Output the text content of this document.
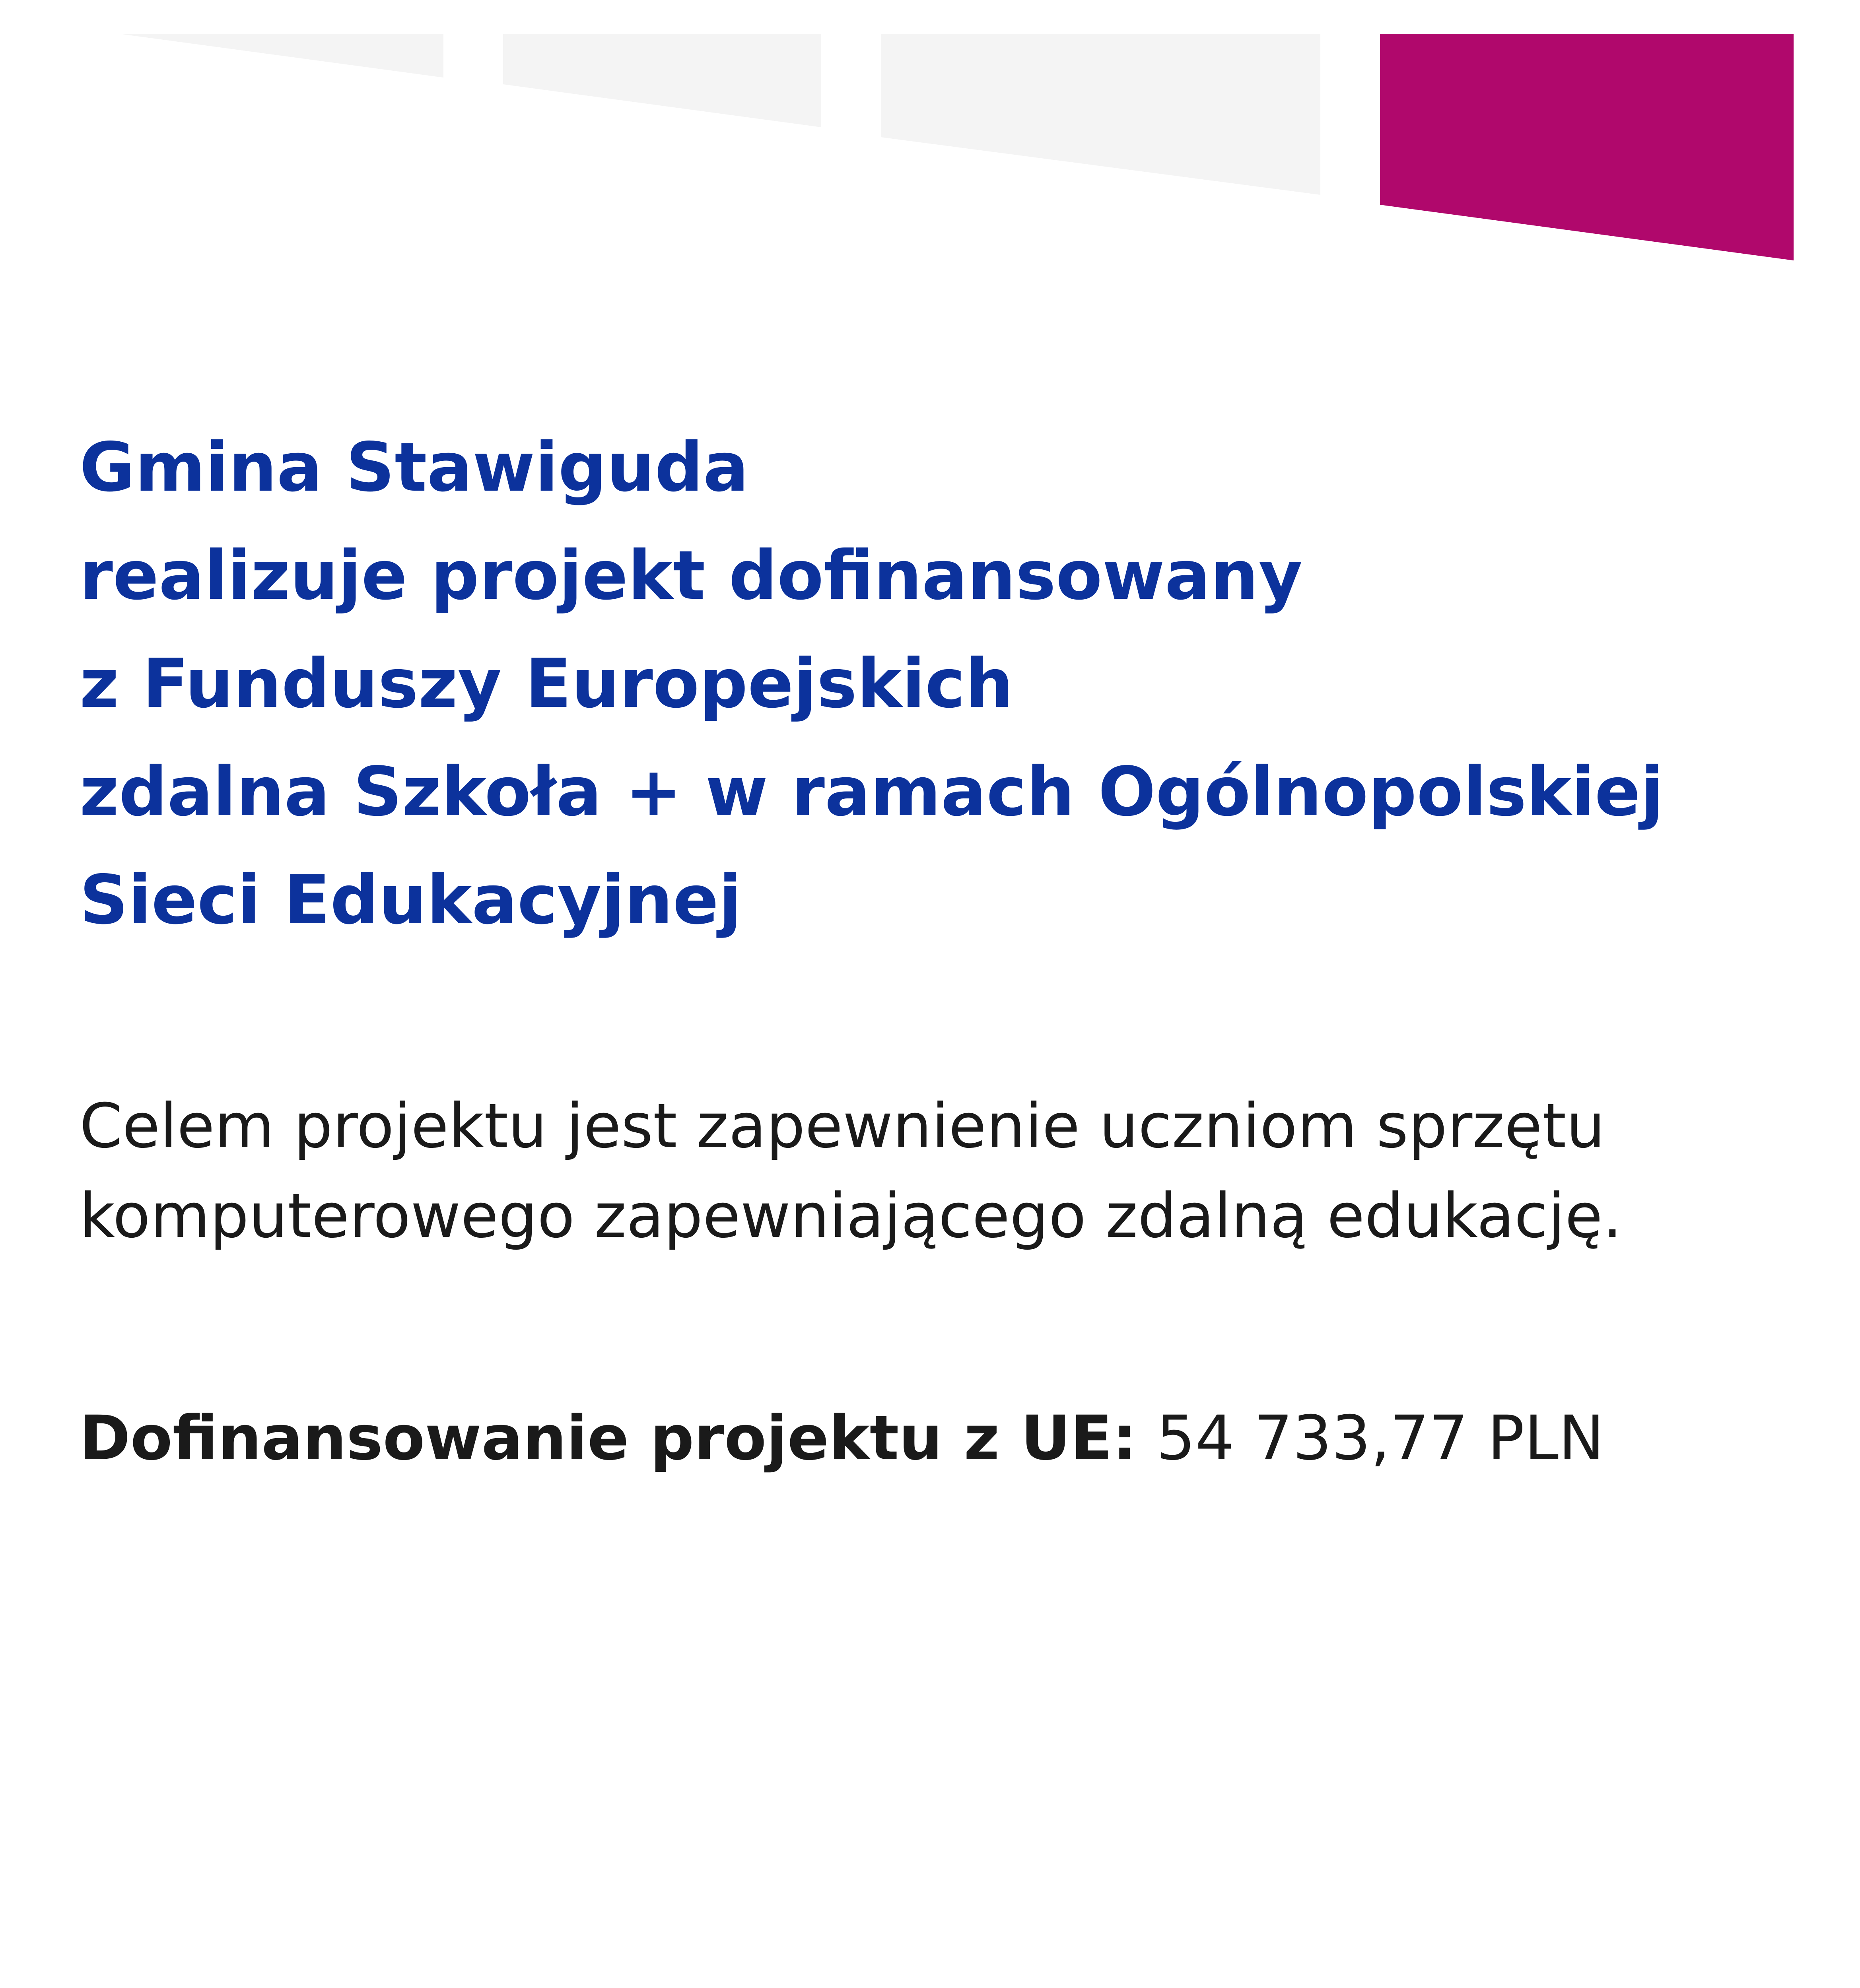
Gmina Stawiguda
realizuje projekt dofinansowany
z Funduszy Europejskich
zdalna Szkoła + w ramach Ogólnopolskiej
Sieci Edukacyjnej
Celem projektu jest zapewnienie uczniom sprzętu
komputerowego zapewniającego zdalną edukację.
Dofinansowanie projektu z UE: 54 733,77 PLN
